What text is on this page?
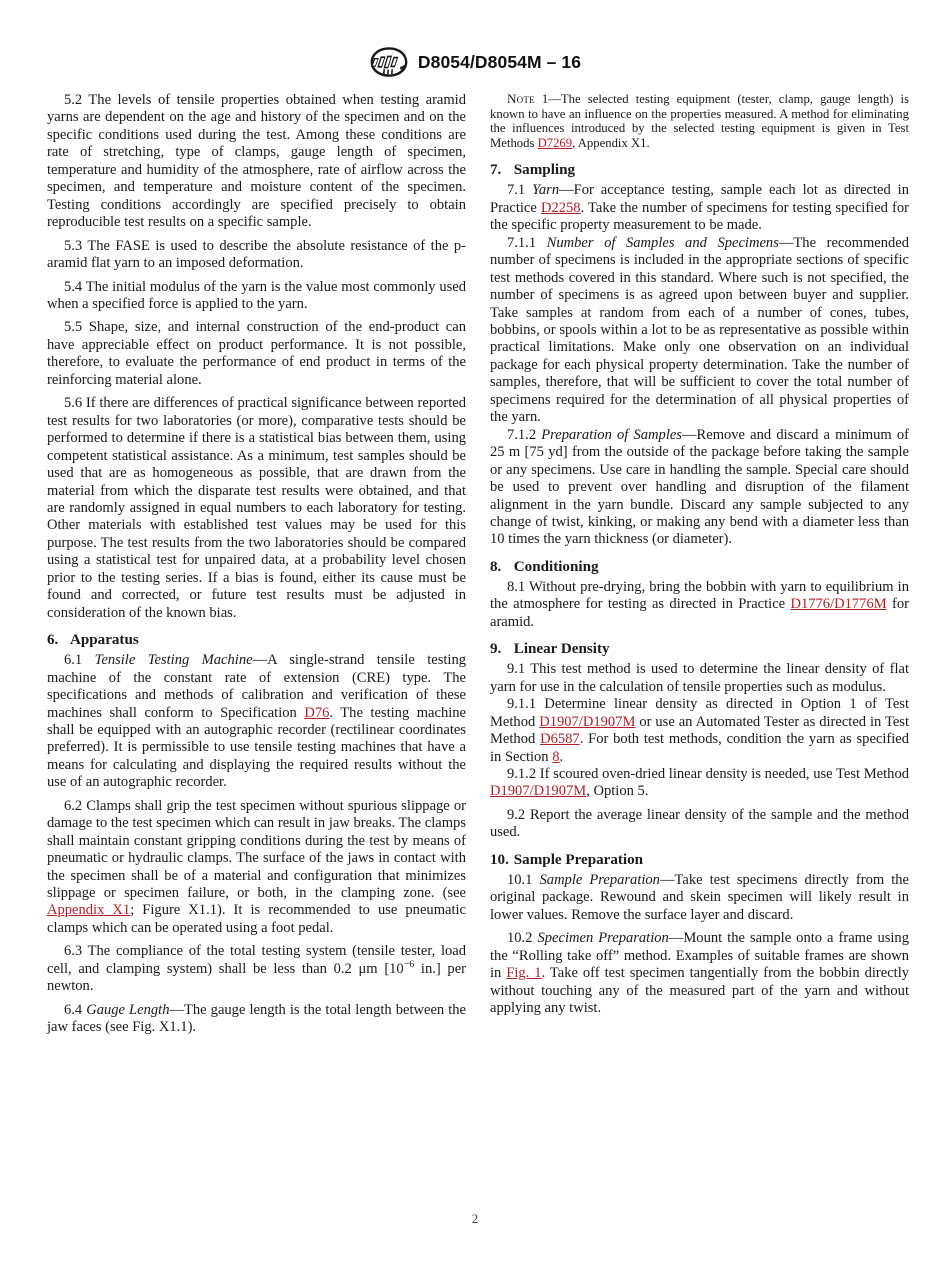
D8054/D8054M – 16

5.2 The levels of tensile properties obtained when testing aramid yarns are dependent on the age and history of the specimen and on the specific conditions used during the test. Among these conditions are rate of stretching, type of clamps, gauge length of specimen, temperature and humidity of the atmosphere, rate of airflow across the specimen, and temperature and moisture content of the specimen. Testing conditions accordingly are specified precisely to obtain reproducible test results on a specific sample.

5.3 The FASE is used to describe the absolute resistance of the p-aramid flat yarn to an imposed deformation.

5.4 The initial modulus of the yarn is the value most commonly used when a specified force is applied to the yarn.

5.5 Shape, size, and internal construction of the end-product can have appreciable effect on product performance. It is not possible, therefore, to evaluate the performance of end product in terms of the reinforcing material alone.

5.6 If there are differences of practical significance between reported test results for two laboratories (or more), comparative tests should be performed to determine if there is a statistical bias between them, using competent statistical assistance. As a minimum, test samples should be used that are as homogeneous as possible, that are drawn from the material from which the disparate test results were obtained, and that are randomly assigned in equal numbers to each laboratory for testing. Other materials with established test values may be used for this purpose. The test results from the two laboratories should be compared using a statistical test for unpaired data, at a probability level chosen prior to the testing series. If a bias is found, either its cause must be found and corrected, or future test results must be adjusted in consideration of the known bias.

6. Apparatus

6.1 Tensile Testing Machine—A single-strand tensile testing machine of the constant rate of extension (CRE) type. The specifications and methods of calibration and verification of these machines shall conform to Specification D76. The testing machine shall be equipped with an autographic recorder (rectilinear coordinates preferred). It is permissible to use tensile testing machines that have a means for calculating and displaying the required results without the use of an autographic recorder.

6.2 Clamps shall grip the test specimen without spurious slippage or damage to the test specimen which can result in jaw breaks. The clamps shall maintain constant gripping conditions during the test by means of pneumatic or hydraulic clamps. The surface of the jaws in contact with the specimen shall be of a material and configuration that minimizes slippage or specimen failure, or both, in the clamping zone. (see Appendix X1; Figure X1.1). It is recommended to use pneumatic clamps which can be operated using a foot pedal.

6.3 The compliance of the total testing system (tensile tester, load cell, and clamping system) shall be less than 0.2 μm [$10^{-6}$ in.] per newton.

6.4 Gauge Length—The gauge length is the total length between the jaw faces (see Fig. X1.1).

Note 1—The selected testing equipment (tester, clamp, gauge length) is known to have an influence on the properties measured. A method for eliminating the influences introduced by the selected testing equipment is given in Test Methods D7269, Appendix X1.

7. Sampling

7.1 Yarn—For acceptance testing, sample each lot as directed in Practice D2258. Take the number of specimens for testing specified for the specific property measurement to be made.

7.1.1 Number of Samples and Specimens—The recommended number of specimens is included in the appropriate sections of specific test methods covered in this standard. Where such is not specified, the number of specimens is as agreed upon between buyer and supplier. Take samples at random from each of a number of cones, tubes, bobbins, or spools within a lot to be as representative as possible within practical limitations. Make only one observation on an individual package for each physical property determination. Take the number of samples, therefore, that will be sufficient to cover the total number of specimens required for the determination of all physical properties of the yarn.

7.1.2 Preparation of Samples—Remove and discard a minimum of 25 m [75 yd] from the outside of the package before taking the sample or any specimens. Use care in handling the sample. Special care should be used to prevent over handling and disruption of the filament alignment in the yarn bundle. Discard any sample subjected to any change of twist, kinking, or making any bend with a diameter less than 10 times the yarn thickness (or diameter).

8. Conditioning

8.1 Without pre-drying, bring the bobbin with yarn to equilibrium in the atmosphere for testing as directed in Practice D1776/D1776M for aramid.

9. Linear Density

9.1 This test method is used to determine the linear density of flat yarn for use in the calculation of tensile properties such as modulus.

9.1.1 Determine linear density as directed in Option 1 of Test Method D1907/D1907M or use an Automated Tester as directed in Test Method D6587. For both test methods, condition the yarn as specified in Section 8.

9.1.2 If scoured oven-dried linear density is needed, use Test Method D1907/D1907M, Option 5.

9.2 Report the average linear density of the sample and the method used.

10. Sample Preparation

10.1 Sample Preparation—Take test specimens directly from the original package. Rewound and skein specimen will likely result in lower values. Remove the surface layer and discard.

10.2 Specimen Preparation—Mount the sample onto a frame using the “Rolling take off” method. Examples of suitable frames are shown in Fig. 1. Take off test specimen tangentially from the bobbin directly without touching any of the measured part of the yarn and without applying any twist.

2
